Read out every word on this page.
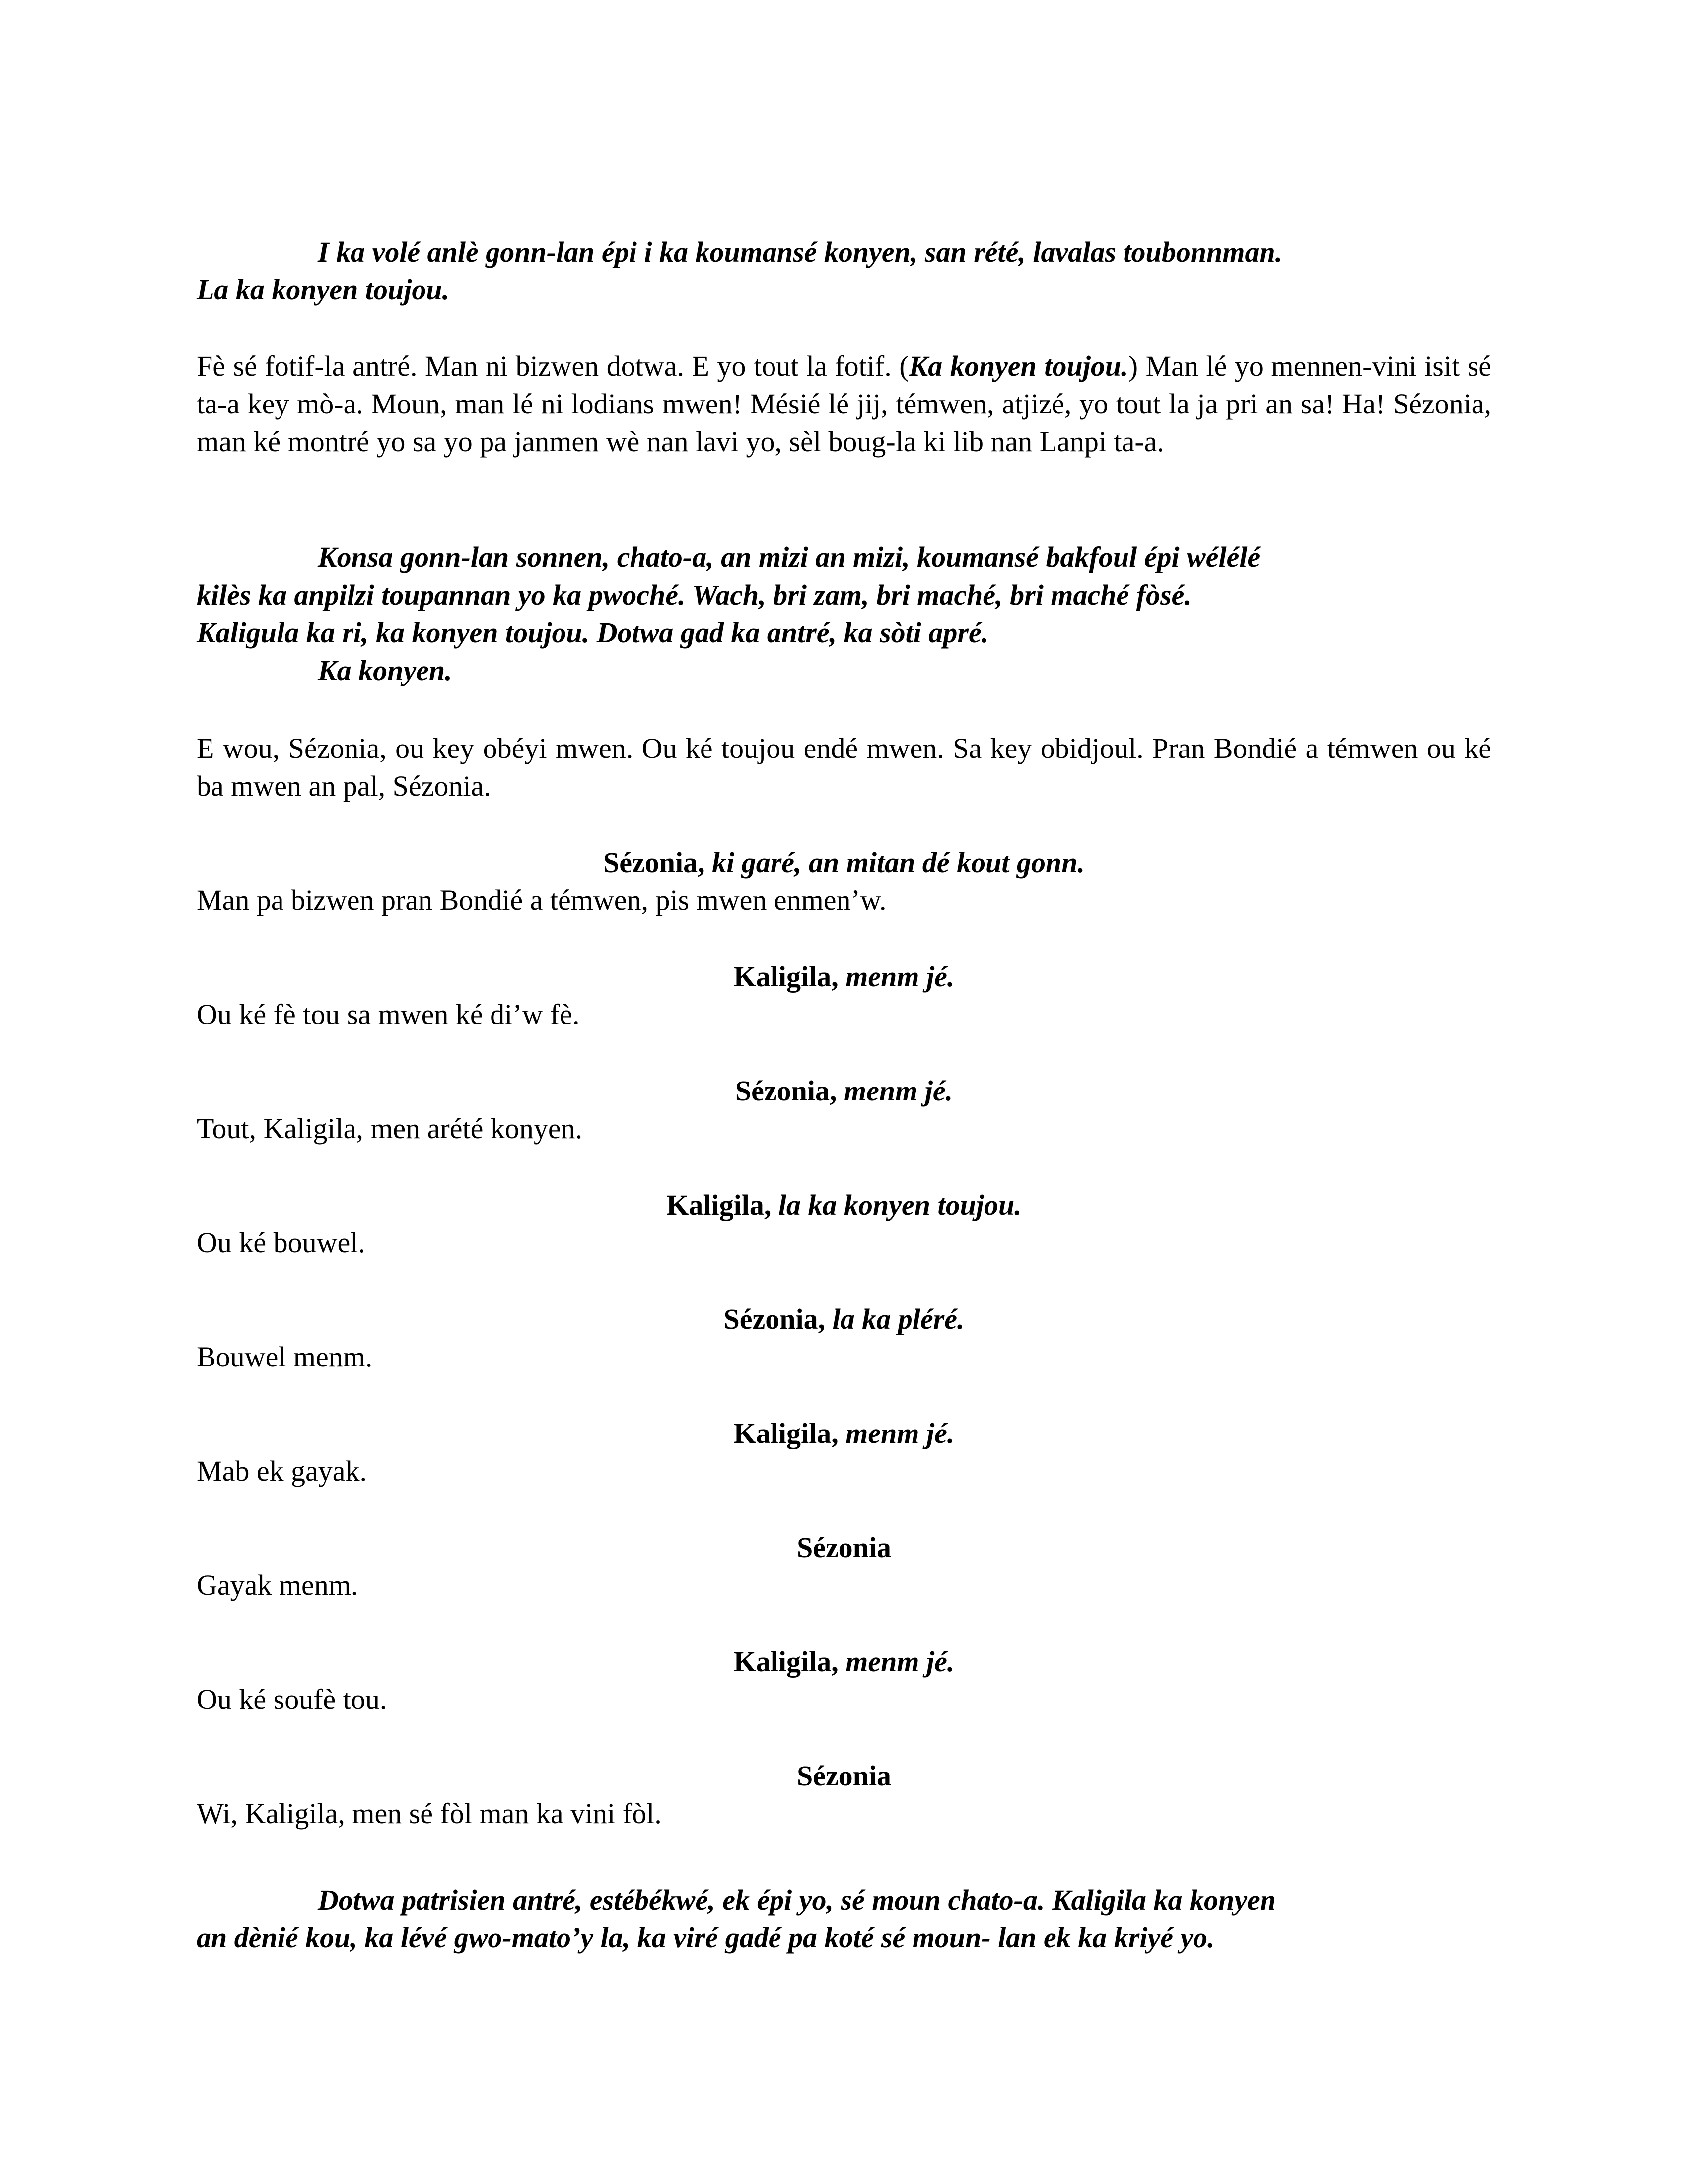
I ka volé anlè gonn-lan épi i ka koumansé konyen, san rété, lavalas toubonnman.
La ka konyen toujou.

Fè sé fotif-la antré. Man ni bizwen dotwa. E yo tout la fotif. (Ka konyen toujou.) Man lé yo mennen-vini isit sé ta-a key mò-a. Moun, man lé ni lodians mwen! Mésié lé jij, témwen, atjizé, yo tout la ja pri an sa! Ha! Sézonia, man ké montré yo sa yo pa janmen wè nan lavi yo, sèl boug-la ki lib nan Lanpi ta-a.

Konsa gonn-lan sonnen, chato-a, an mizi an mizi, koumansé bakfoul épi wélélé
kilès ka anpilzi toupannan yo ka pwoché. Wach, bri zam, bri maché, bri maché fòsé.
Kaligula ka ri, ka konyen toujou. Dotwa gad ka antré, ka sòti apré.
Ka konyen.

E wou, Sézonia, ou key obéyi mwen. Ou ké toujou endé mwen. Sa key obidjoul. Pran Bondié a témwen ou ké ba mwen an pal, Sézonia.

Sézonia, ki garé, an mitan dé kout gonn.
Man pa bizwen pran Bondié a témwen, pis mwen enmen’w.
Kaligila, menm jé.
Ou ké fè tou sa mwen ké di’w fè.
Sézonia, menm jé.
Tout, Kaligila, men arété konyen.
Kaligila, la ka konyen toujou.
Ou ké bouwel.
Sézonia, la ka pléré.
Bouwel menm.
Kaligila, menm jé.
Mab ek gayak.
Sézonia
Gayak menm.
Kaligila, menm jé.
Ou ké soufè tou.
Sézonia
Wi, Kaligila, men sé fòl man ka vini fòl.
Dotwa patrisien antré, estébékwé, ek épi yo, sé moun chato-a. Kaligila ka konyen
an dènié kou, ka lévé gwo-mato’y la, ka viré gadé pa koté sé moun- lan ek ka kriyé yo.
